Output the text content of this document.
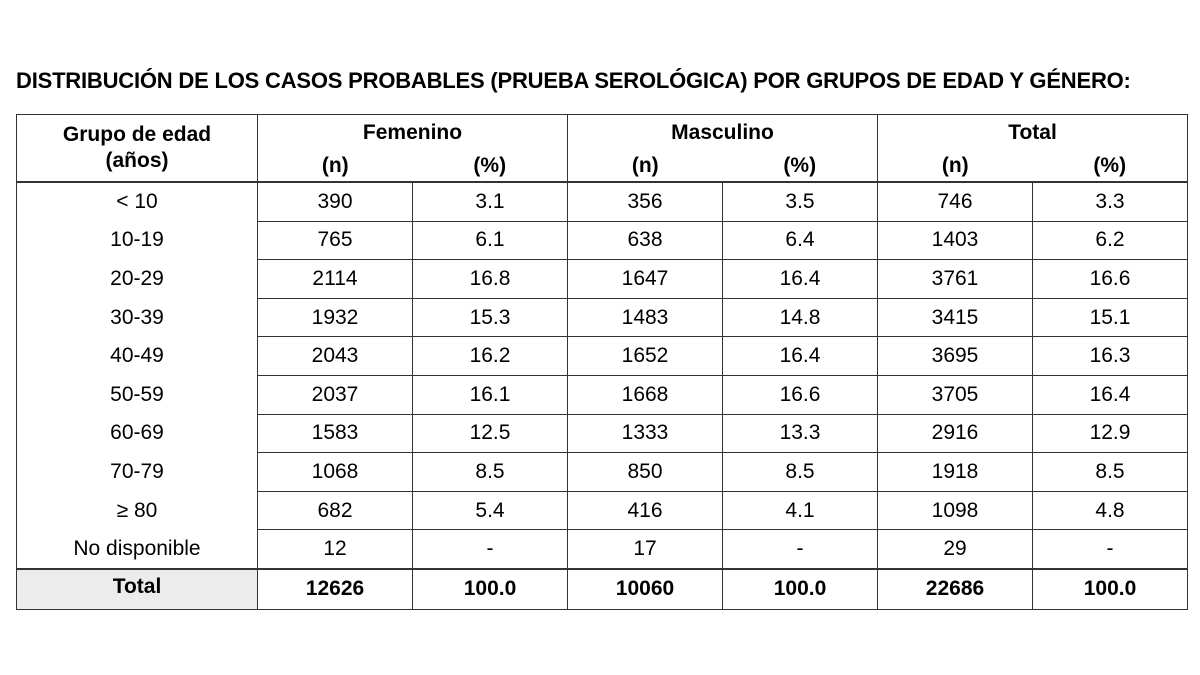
DISTRIBUCIÓN DE LOS CASOS PROBABLES (PRUEBA SEROLÓGICA) POR GRUPOS DE EDAD Y GÉNERO:
Grupo de edad
(años)	Femenino		Masculino		Total	
	(n)	(%)	(n)	(%)	(n)	(%)
< 10	390	3.1	356	3.5	746	3.3
10-19	765	6.1	638	6.4	1403	6.2
20-29	2114	16.8	1647	16.4	3761	16.6
30-39	1932	15.3	1483	14.8	3415	15.1
40-49	2043	16.2	1652	16.4	3695	16.3
50-59	2037	16.1	1668	16.6	3705	16.4
60-69	1583	12.5	1333	13.3	2916	12.9
70-79	1068	8.5	850	8.5	1918	8.5
≥ 80	682	5.4	416	4.1	1098	4.8
No disponible	12	-	17	-	29	-
Total	12626	100.0	10060	100.0	22686	100.0
